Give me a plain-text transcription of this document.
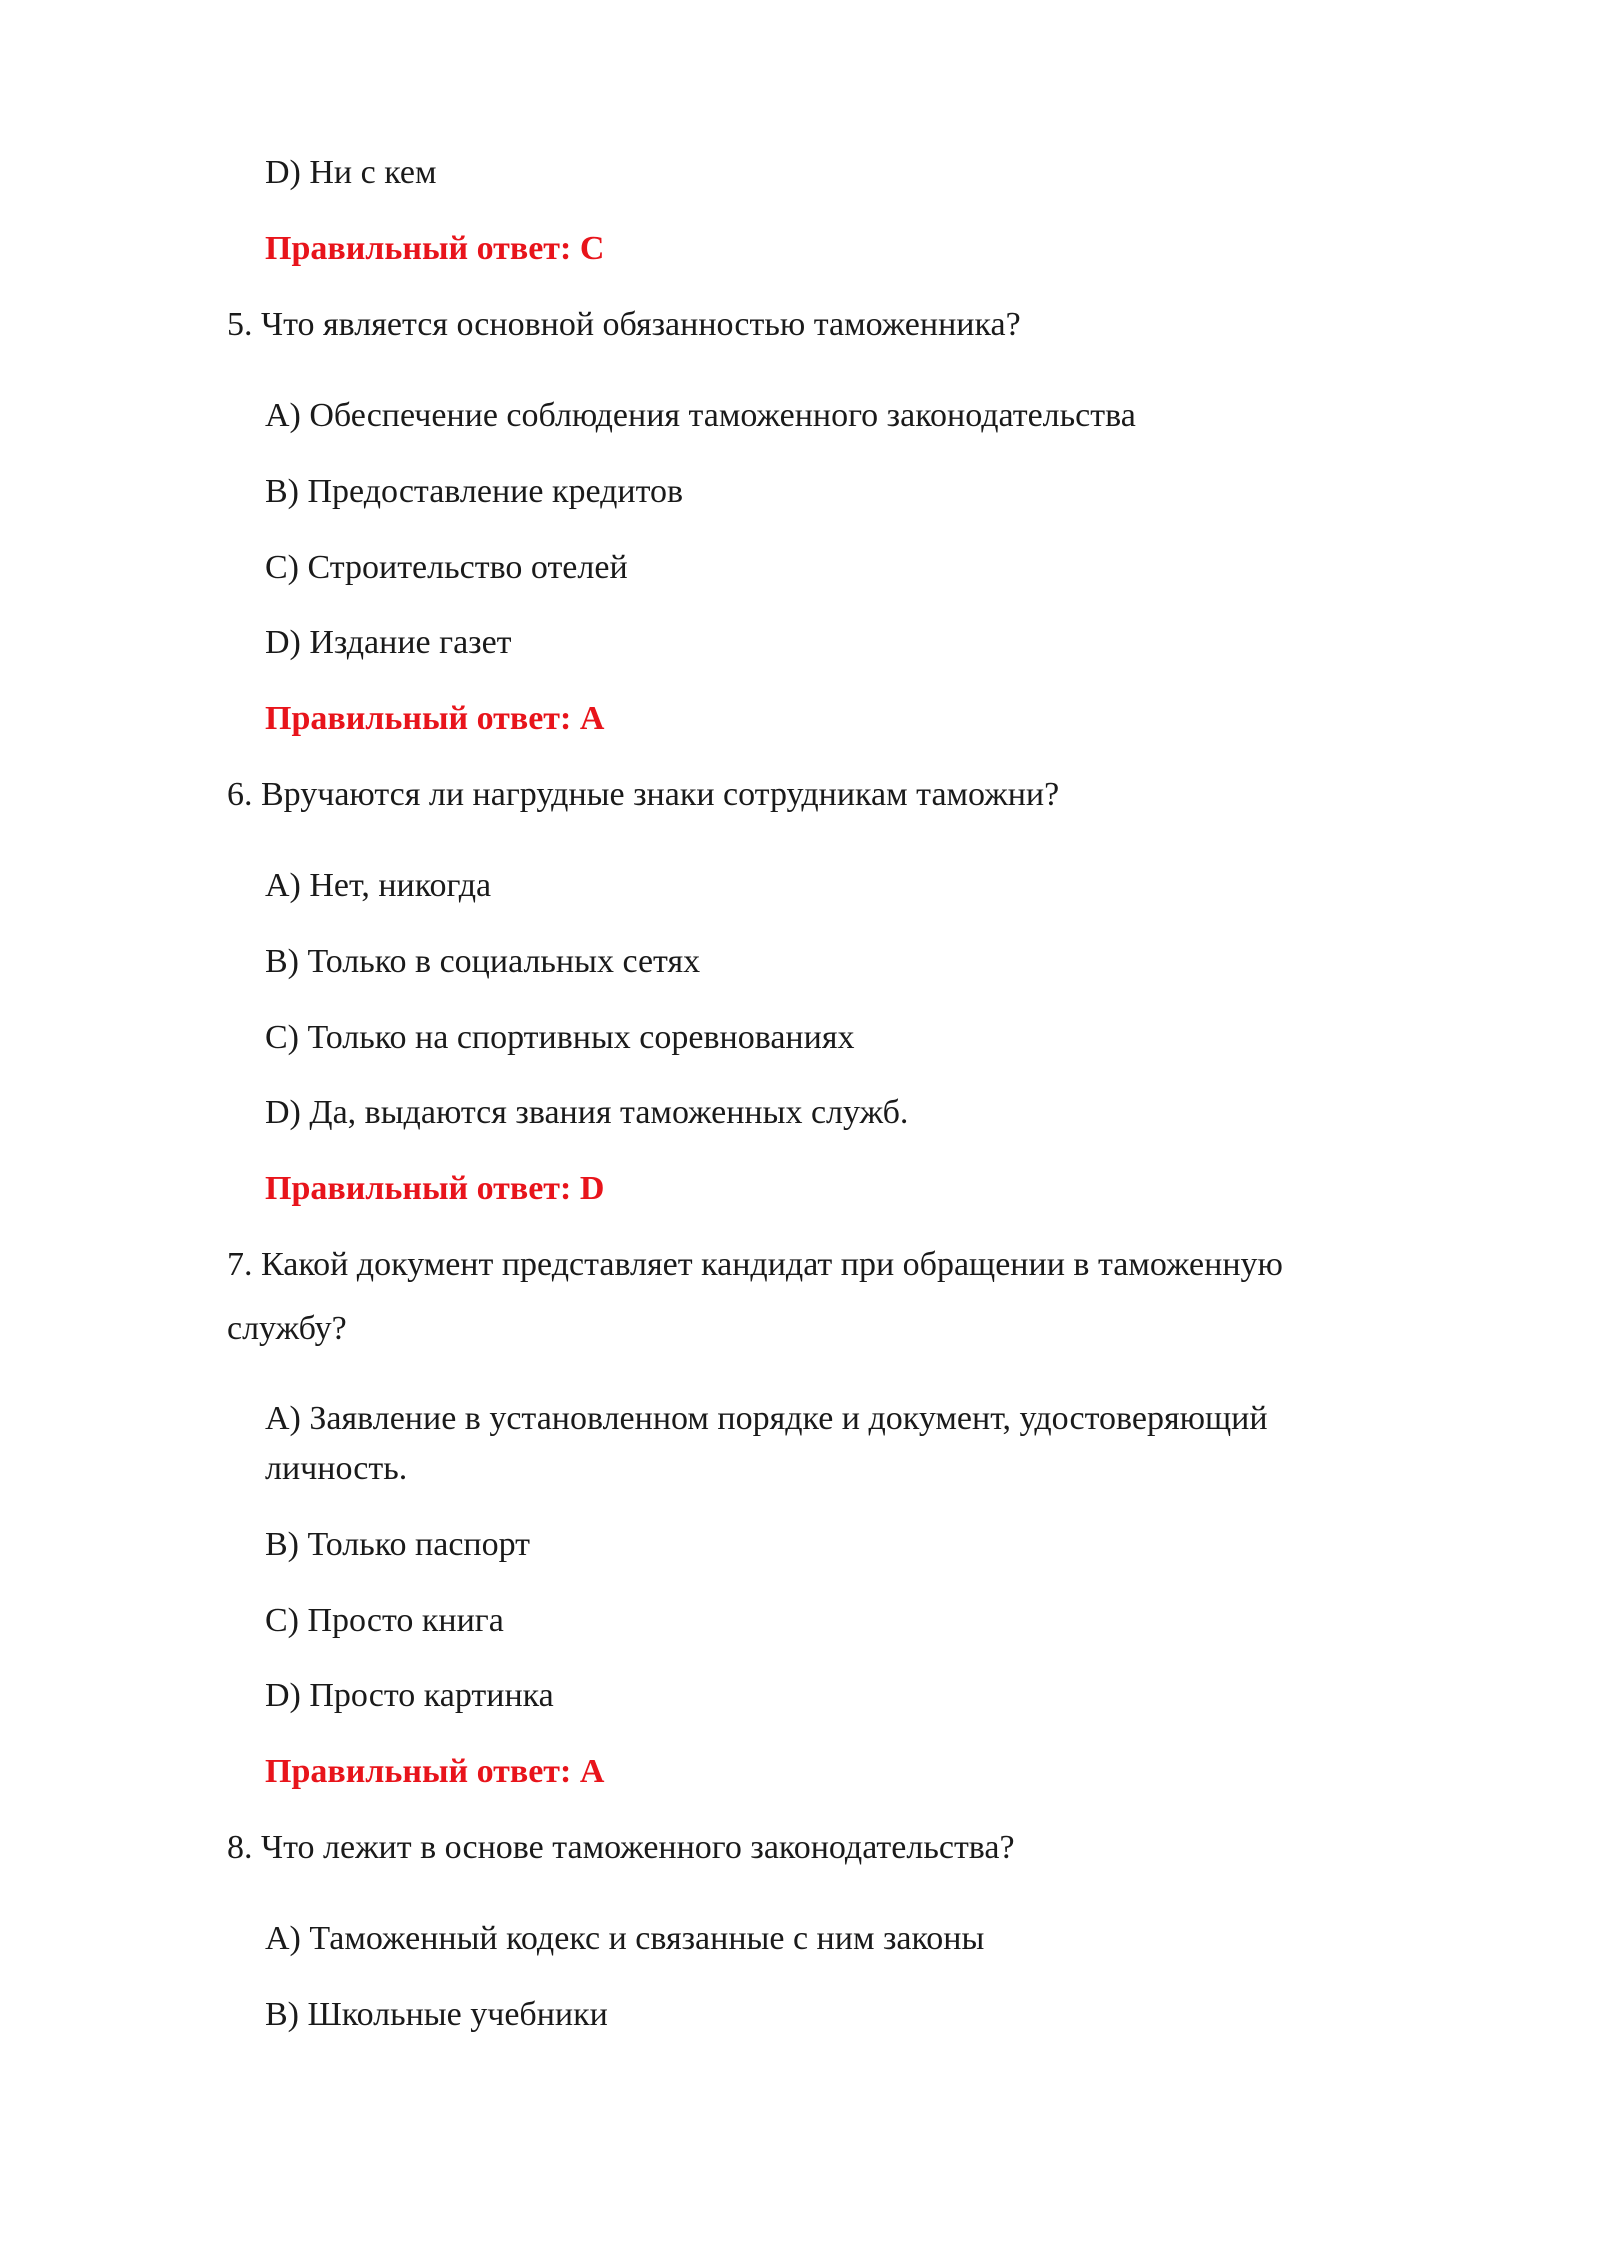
D) Ни с кем
Правильный ответ: C
5. Что является основной обязанностью таможенника?
A) Обеспечение соблюдения таможенного законодательства
B) Предоставление кредитов
C) Строительство отелей
D) Издание газет
Правильный ответ: A
6. Вручаются ли нагрудные знаки сотрудникам таможни?
A) Нет, никогда
B) Только в социальных сетях
C) Только на спортивных соревнованиях
D) Да, выдаются звания таможенных служб.
Правильный ответ: D
7. Какой документ представляет кандидат при обращении в таможенную
службу?
A) Заявление в установленном порядке и документ, удостоверяющий
личность.
B) Только паспорт
C) Просто книга
D) Просто картинка
Правильный ответ: A
8. Что лежит в основе таможенного законодательства?
A) Таможенный кодекс и связанные с ним законы
B) Школьные учебники
